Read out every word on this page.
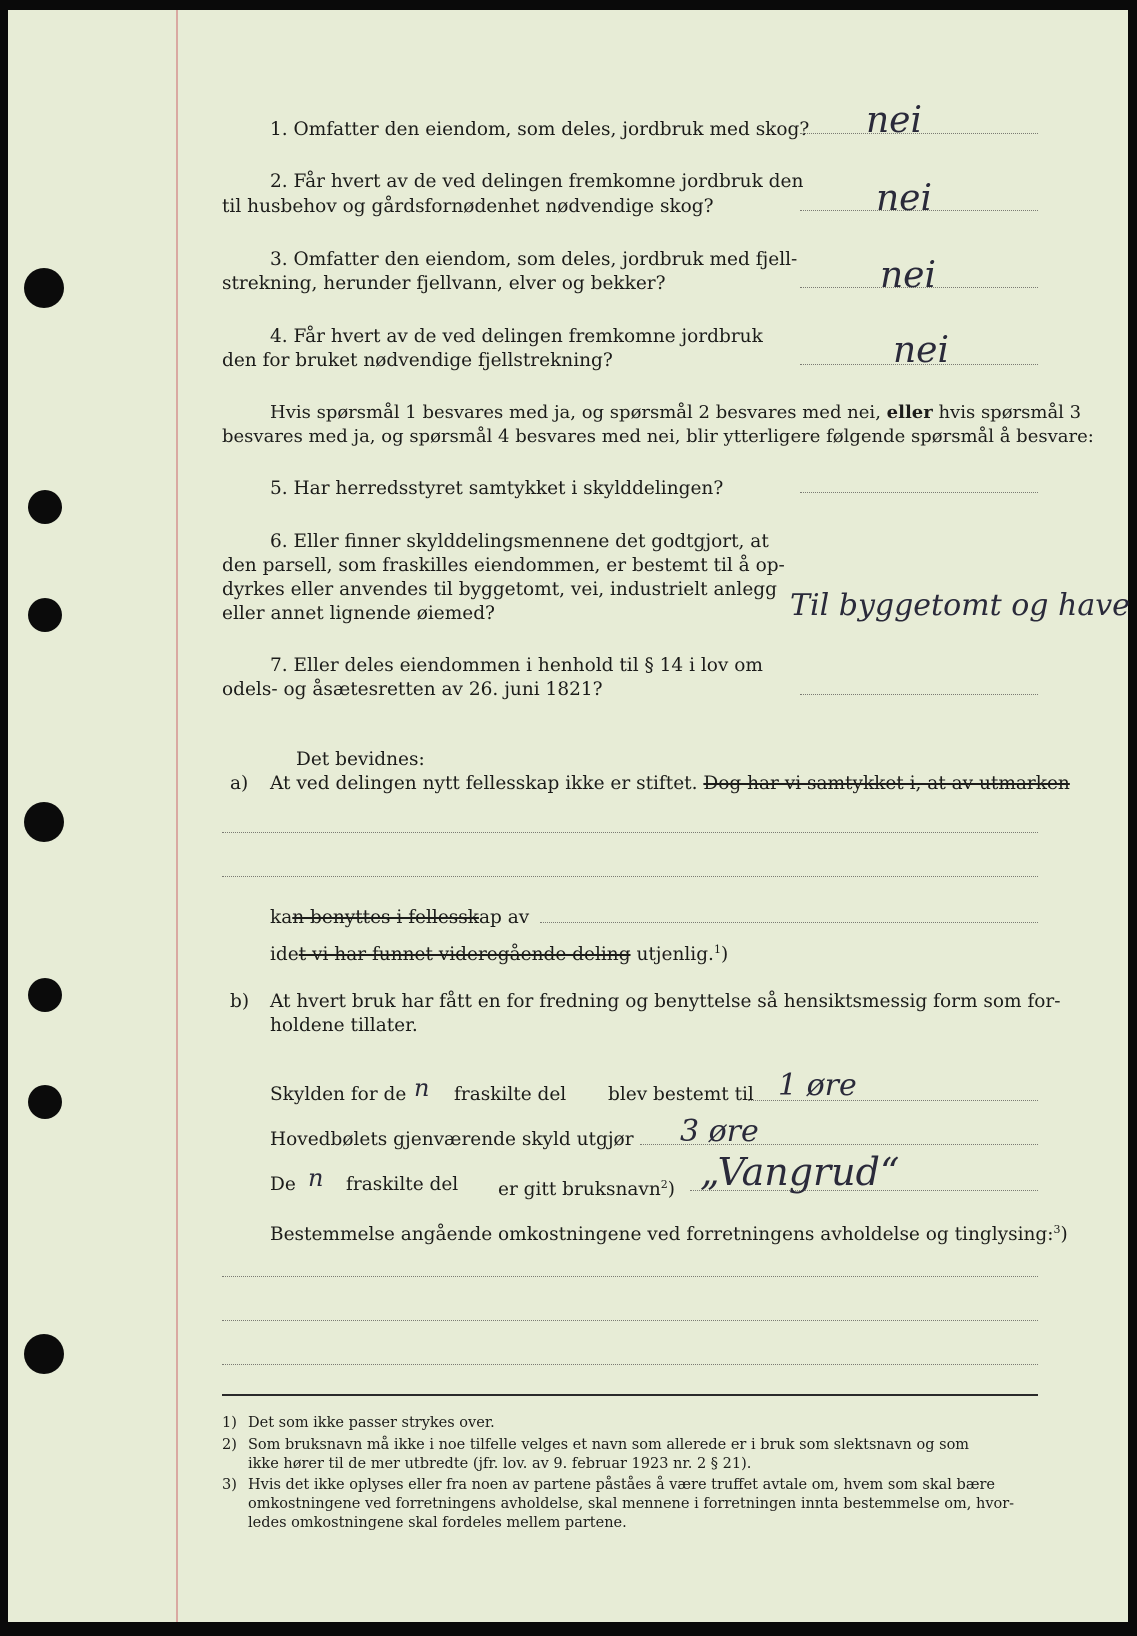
1. Omfatter den eiendom, som deles, jordbruk med skog? nei
2. Får hvert av de ved delingen fremkomne jordbruk den
til husbehov og gårdsfornødenhet nødvendige skog?	nei
3. Omfatter den eiendom, som deles, jordbruk med fjell-
strekning, herunder fjellvann, elver og bekker?	nei
4. Får hvert av de ved delingen fremkomne jordbruk
den for bruket nødvendige fjellstrekning?	nei
Hvis spørsmål 1 besvares med ja, og spørsmål 2 besvares med nei, eller hvis spørsmål 3
besvares med ja, og spørsmål 4 besvares med nei, blir ytterligere følgende spørsmål å besvare:
5. Har herredsstyret samtykket i skylddelingen?
6. Eller finner skylddelingsmennene det godtgjort, at
den parsell, som fraskilles eiendommen, er bestemt til å op-
dyrkes eller anvendes til byggetomt, vei, industrielt anlegg
eller annet lignende øiemed?	Til byggetomt og have
7. Eller deles eiendommen i henhold til § 14 i lov om
odels- og åsætesretten av 26. juni 1821?
Det bevidnes:
a) At ved delingen nytt fellesskap ikke er stiftet. Dog har vi samtykket i, at av utmarken
kan benyttes i fellesskap av
idet vi har funnet videregående deling utjenlig.$^1$)
b) At hvert bruk har fått en for fredning og benyttelse så hensiktsmessig form som for-
holdene tillater.
Skylden for de n fraskilte del blev bestemt til 1 øre
Hovedbølets gjenværende skyld utgjør 3 øre
De n fraskilte del er gitt bruksnavn$^2$) „Vangrud“
Bestemmelse angående omkostningene ved forretningens avholdelse og tinglysing:$^3$)
1) Det som ikke passer strykes over.
2) Som bruksnavn må ikke i noe tilfelle velges et navn som allerede er i bruk som slektsnavn og som
ikke hører til de mer utbredte (jfr. lov. av 9. februar 1923 nr. 2 § 21).
3) Hvis det ikke oplyses eller fra noen av partene påståes å være truffet avtale om, hvem som skal bære
omkostningene ved forretningens avholdelse, skal mennene i forretningen innta bestemmelse om, hvor-
ledes omkostningene skal fordeles mellem partene.
